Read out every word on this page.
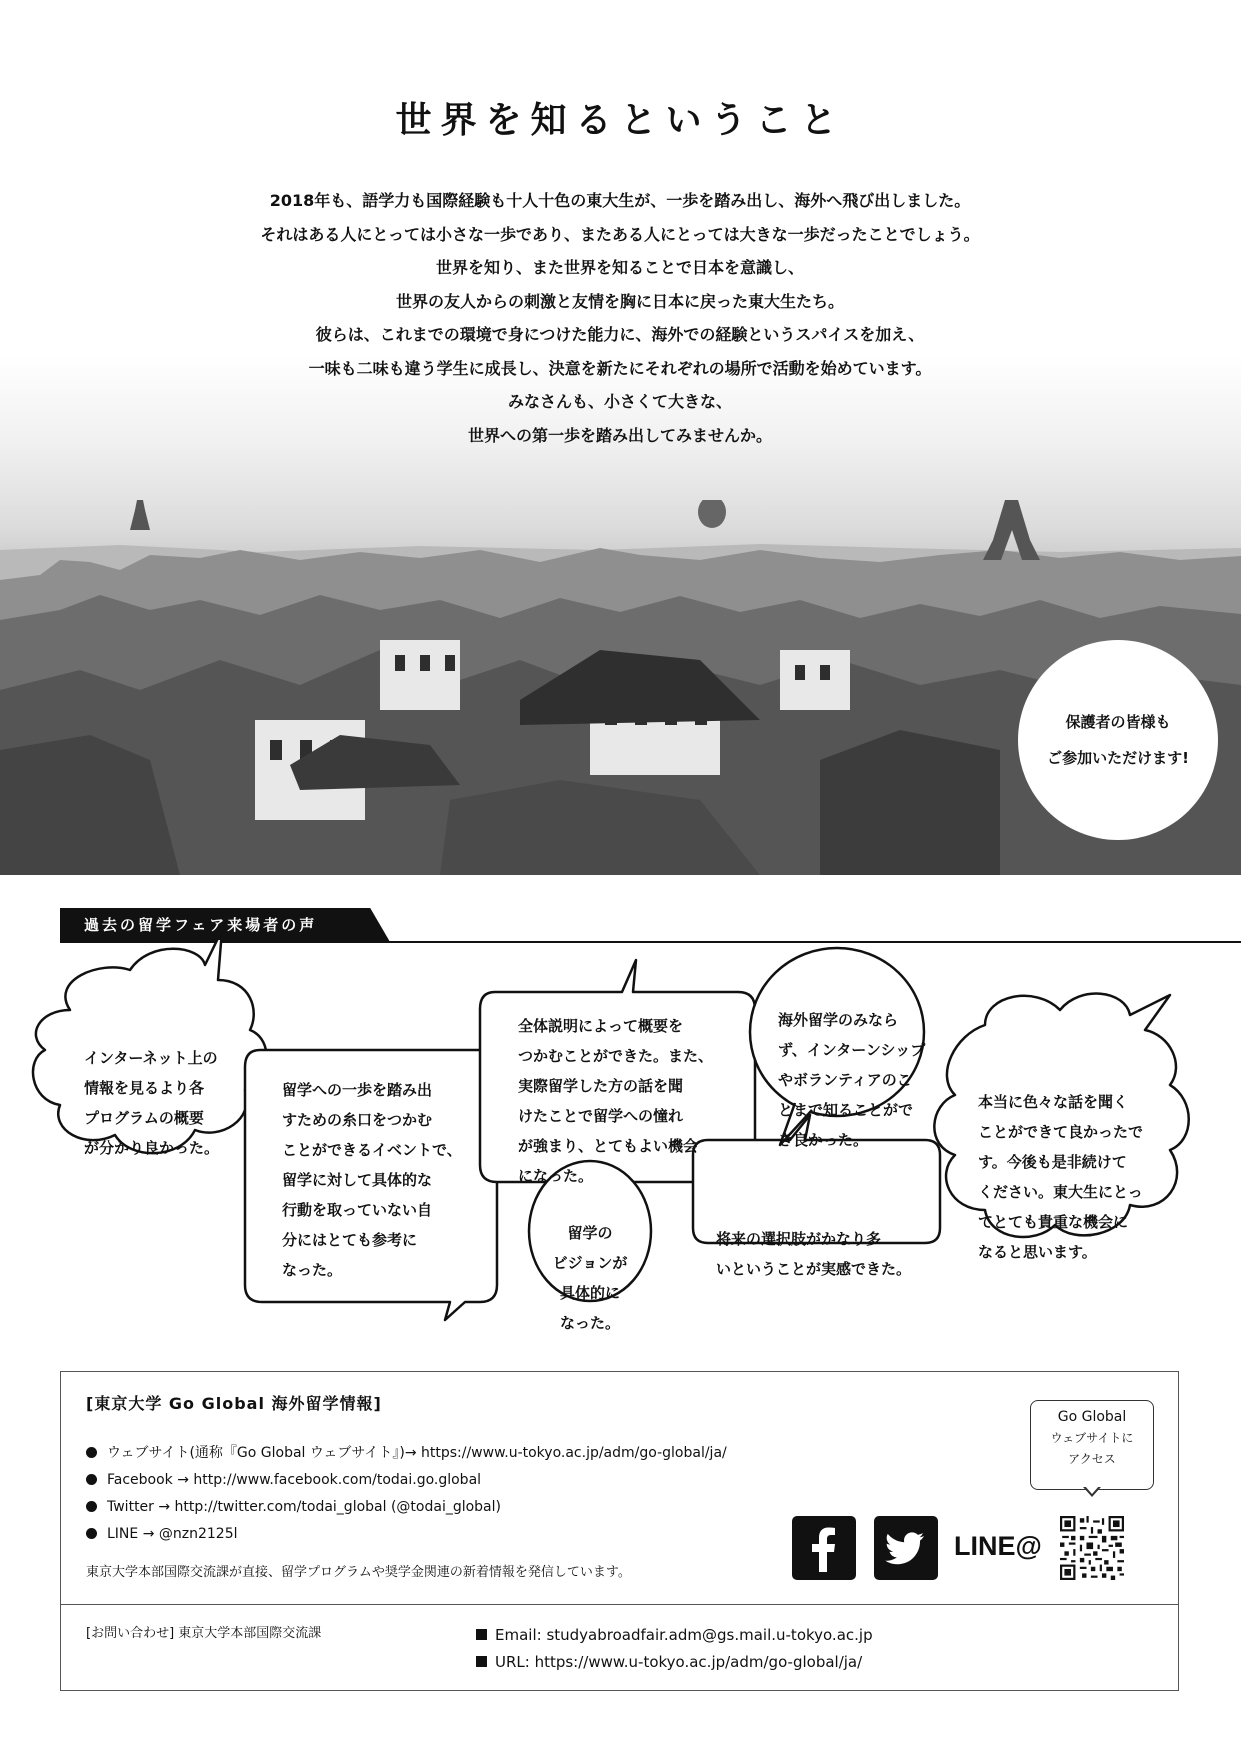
世界を知るということ
2018年も、語学力も国際経験も十人十色の東大生が、一歩を踏み出し、海外へ飛び出しました。
それはある人にとっては小さな一歩であり、またある人にとっては大きな一歩だったことでしょう。
世界を知り、また世界を知ることで日本を意識し、
世界の友人からの刺激と友情を胸に日本に戻った東大生たち。
彼らは、これまでの環境で身につけた能力に、海外での経験というスパイスを加え、
一味も二味も違う学生に成長し、決意を新たにそれぞれの場所で活動を始めています。
みなさんも、小さくて大きな、
世界への第一歩を踏み出してみませんか。
保護者の皆様も
ご参加いただけます!
過去の留学フェア来場者の声
インターネット上の
情報を見るより各
プログラムの概要
が分かり良かった。
留学への一歩を踏み出
すための糸口をつかむ
ことができるイベントで、
留学に対して具体的な
行動を取っていない自
分にはとても参考に
なった。
全体説明によって概要を
つかむことができた。また、
実際留学した方の話を聞
けたことで留学への憧れ
が強まり、とてもよい機会
になった。
留学の
ビジョンが
具体的に
なった。
海外留学のみなら
ず、インターンシップ
やボランティアのこ
とまで知ることがで
き良かった。
将来の選択肢がかなり多
いということが実感できた。
本当に色々な話を聞く
ことができて良かったで
す。今後も是非続けて
ください。東大生にとっ
てとても貴重な機会に
なると思います。
[東京大学 Go Global 海外留学情報]
ウェブサイト(通称『Go Global ウェブサイト』)→ https://www.u-tokyo.ac.jp/adm/go-global/ja/
Facebook → http://www.facebook.com/todai.go.global
Twitter → http://twitter.com/todai_global (@todai_global)
LINE → @nzn2125l
東京大学本部国際交流課が直接、留学プログラムや奨学金関連の新着情報を発信しています。
Go Global
ウェブサイトに
アクセス
LINE@
[お問い合わせ] 東京大学本部国際交流課	Email: studyabroadfair.adm@gs.mail.u-tokyo.ac.jp
URL: https://www.u-tokyo.ac.jp/adm/go-global/ja/
